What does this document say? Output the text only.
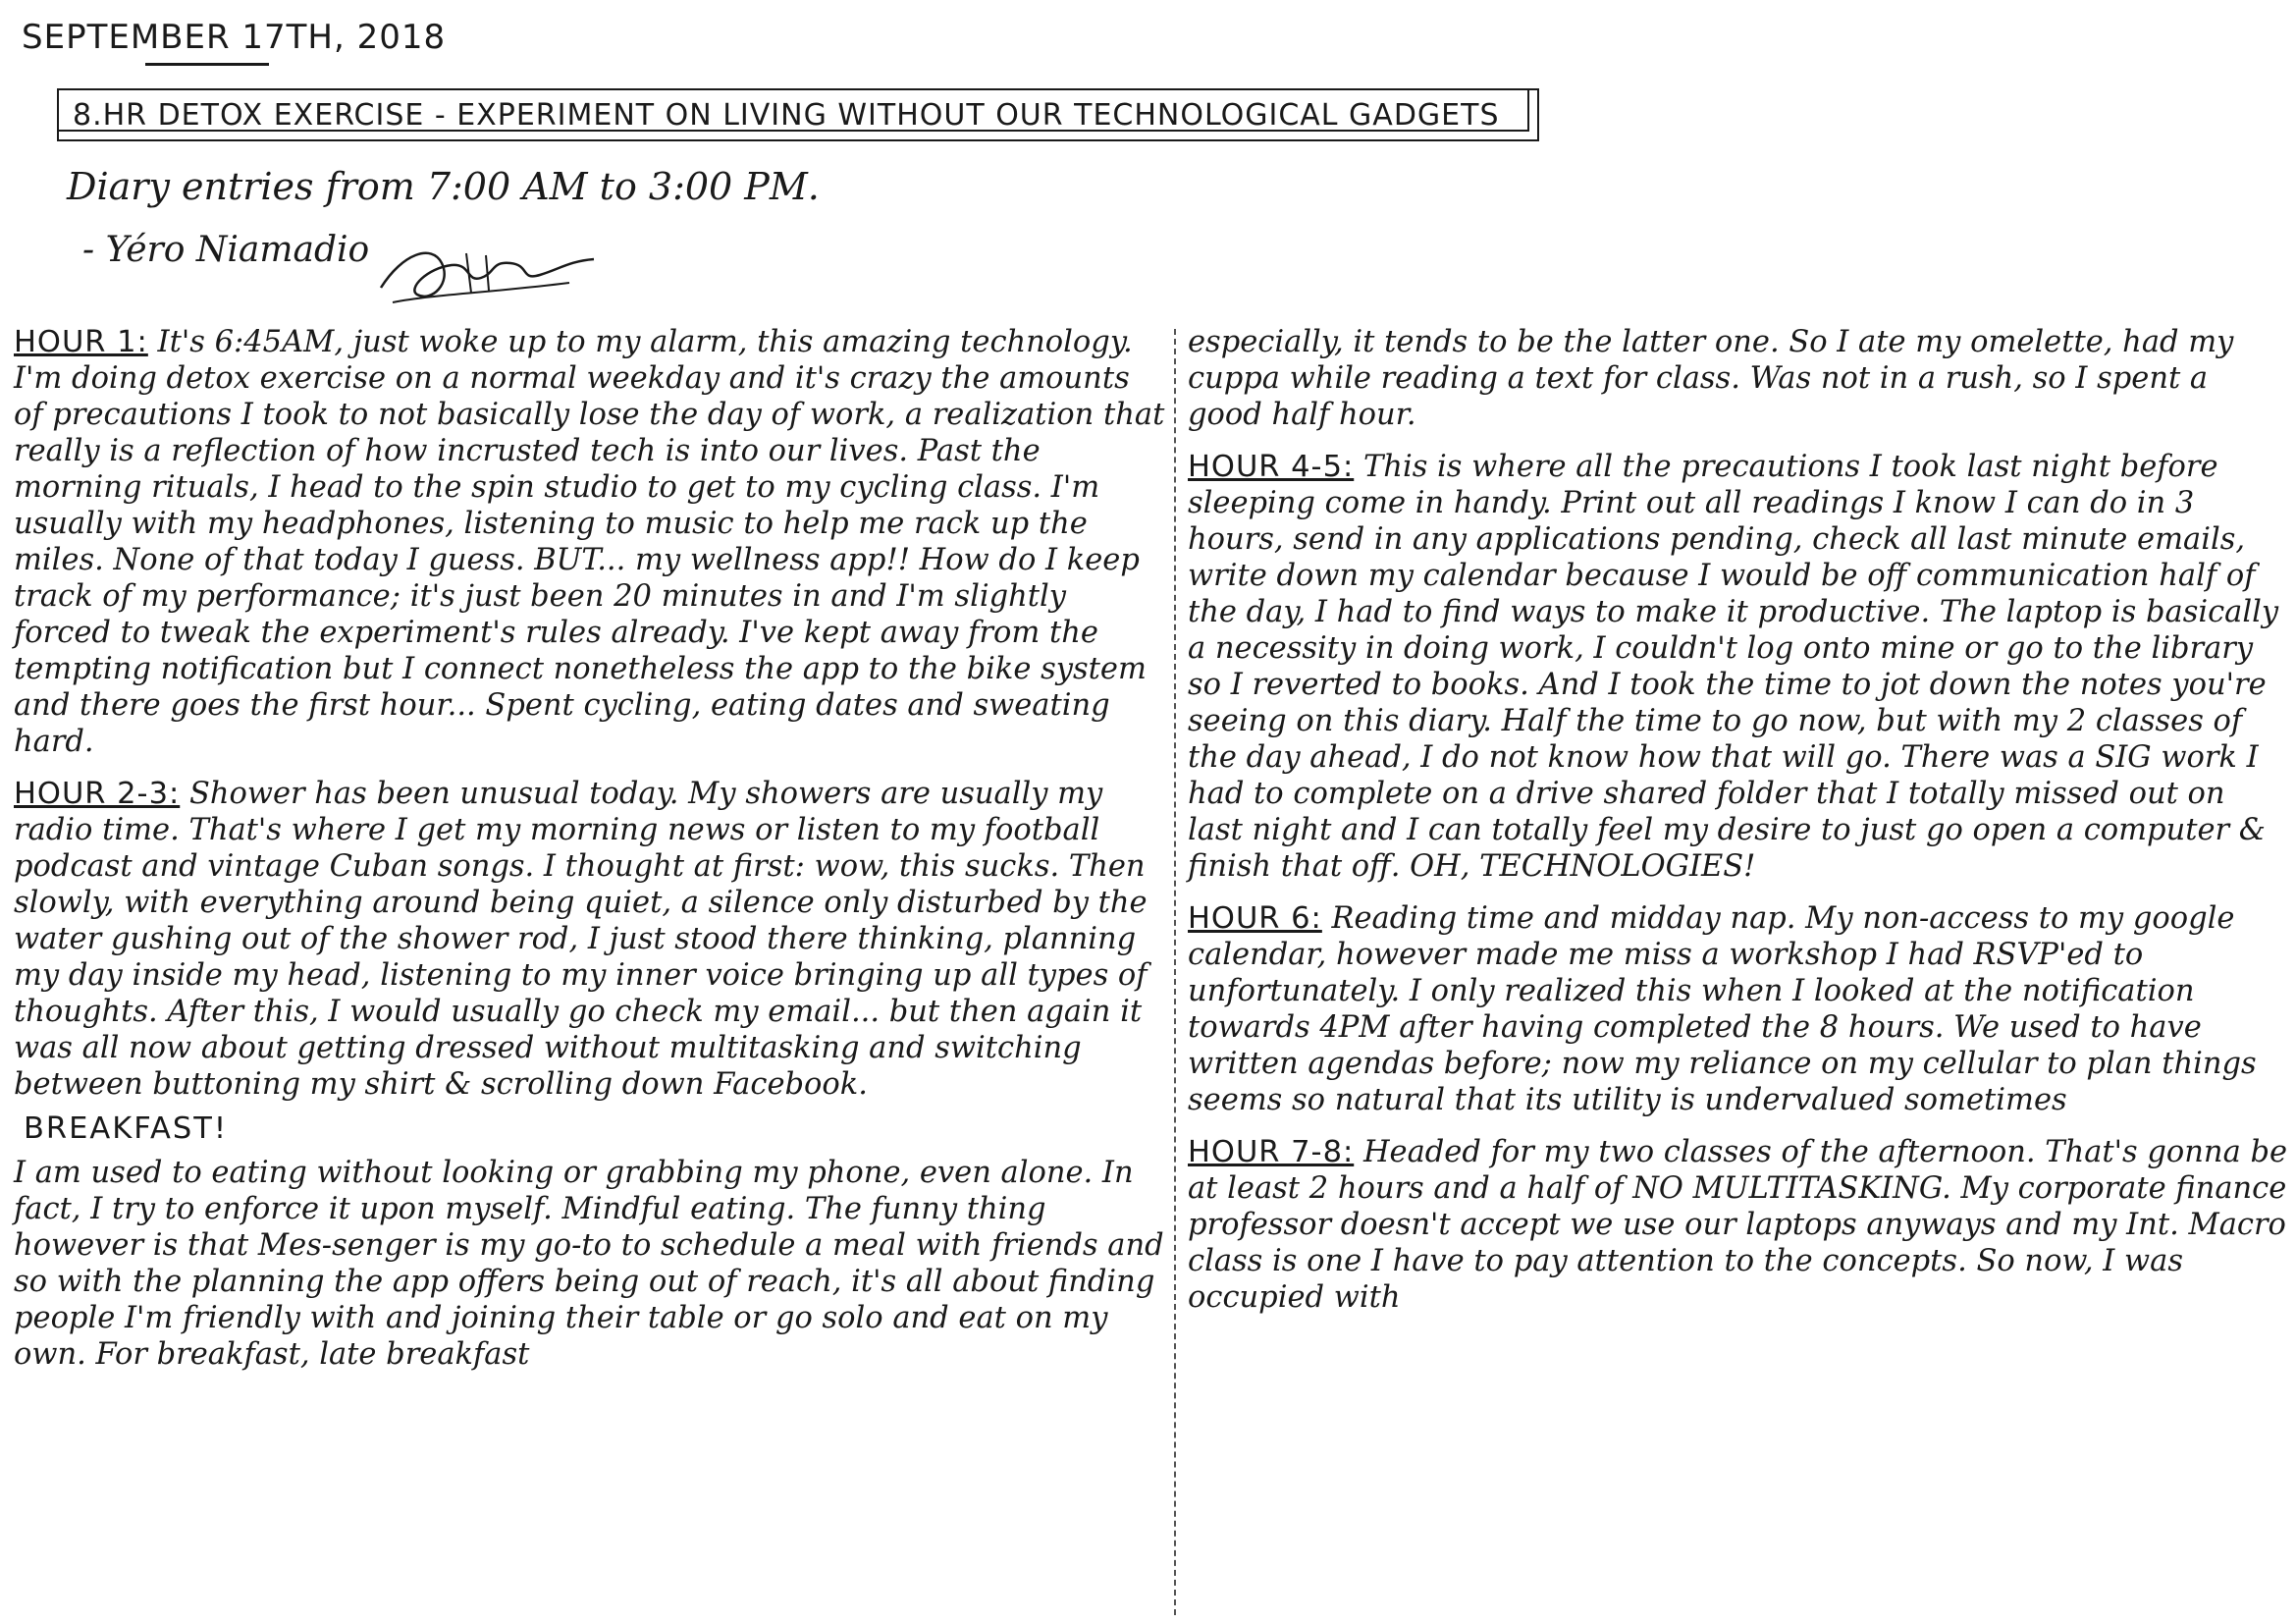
SEPTEMBER 17TH, 2018
8.HR DETOX EXERCISE - EXPERIMENT ON LIVING WITHOUT OUR TECHNOLOGICAL GADGETS
Diary entries from 7:00 AM to 3:00 PM.
- Yéro Niamadio

HOUR 1: It's 6:45AM, just woke up to my alarm, this amazing technology. I'm doing detox exercise on a normal weekday and it's crazy the amounts of precautions I took to not basically lose the day of work, a realization that really is a reflection of how incrusted tech is into our lives. Past the morning rituals, I head to the spin studio to get to my cycling class. I'm usually with my headphones, listening to music to help me rack up the miles. None of that today I guess. BUT... my wellness app!! How do I keep track of my performance; it's just been 20 minutes in and I'm slightly forced to tweak the experiment's rules already. I've kept away from the tempting notification but I connect nonetheless the app to the bike system and there goes the first hour... Spent cycling, eating dates and sweating hard.

HOUR 2-3: Shower has been unusual today. My showers are usually my radio time. That's where I get my morning news or listen to my football podcast and vintage Cuban songs. I thought at first: wow, this sucks. Then slowly, with everything around being quiet, a silence only disturbed by the water gushing out of the shower rod, I just stood there thinking, planning my day inside my head, listening to my inner voice bringing up all types of thoughts. After this, I would usually go check my email... but then again it was all now about getting dressed without multitasking and switching between buttoning my shirt & scrolling down Facebook.

BREAKFAST!

I am used to eating without looking or grabbing my phone, even alone. In fact, I try to enforce it upon myself. Mindful eating. The funny thing however is that Mes-senger is my go-to to schedule a meal with friends and so with the planning the app offers being out of reach, it's all about finding people I'm friendly with and joining their table or go solo and eat on my own. For breakfast, late breakfast

especially, it tends to be the latter one. So I ate my omelette, had my cuppa while reading a text for class. Was not in a rush, so I spent a good half hour.

HOUR 4-5: This is where all the precautions I took last night before sleeping come in handy. Print out all readings I know I can do in 3 hours, send in any applications pending, check all last minute emails, write down my calendar because I would be off communication half of the day, I had to find ways to make it productive. The laptop is basically a necessity in doing work, I couldn't log onto mine or go to the library so I reverted to books. And I took the time to jot down the notes you're seeing on this diary. Half the time to go now, but with my 2 classes of the day ahead, I do not know how that will go. There was a SIG work I had to complete on a drive shared folder that I totally missed out on last night and I can totally feel my desire to just go open a computer & finish that off. OH, TECHNOLOGIES!

HOUR 6: Reading time and midday nap. My non-access to my google calendar, however made me miss a workshop I had RSVP'ed to unfortunately. I only realized this when I looked at the notification towards 4PM after having completed the 8 hours. We used to have written agendas before; now my reliance on my cellular to plan things seems so natural that its utility is undervalued sometimes

HOUR 7-8: Headed for my two classes of the afternoon. That's gonna be at least 2 hours and a half of NO MULTITASKING. My corporate finance professor doesn't accept we use our laptops anyways and my Int. Macro class is one I have to pay attention to the concepts. So now, I was occupied with
